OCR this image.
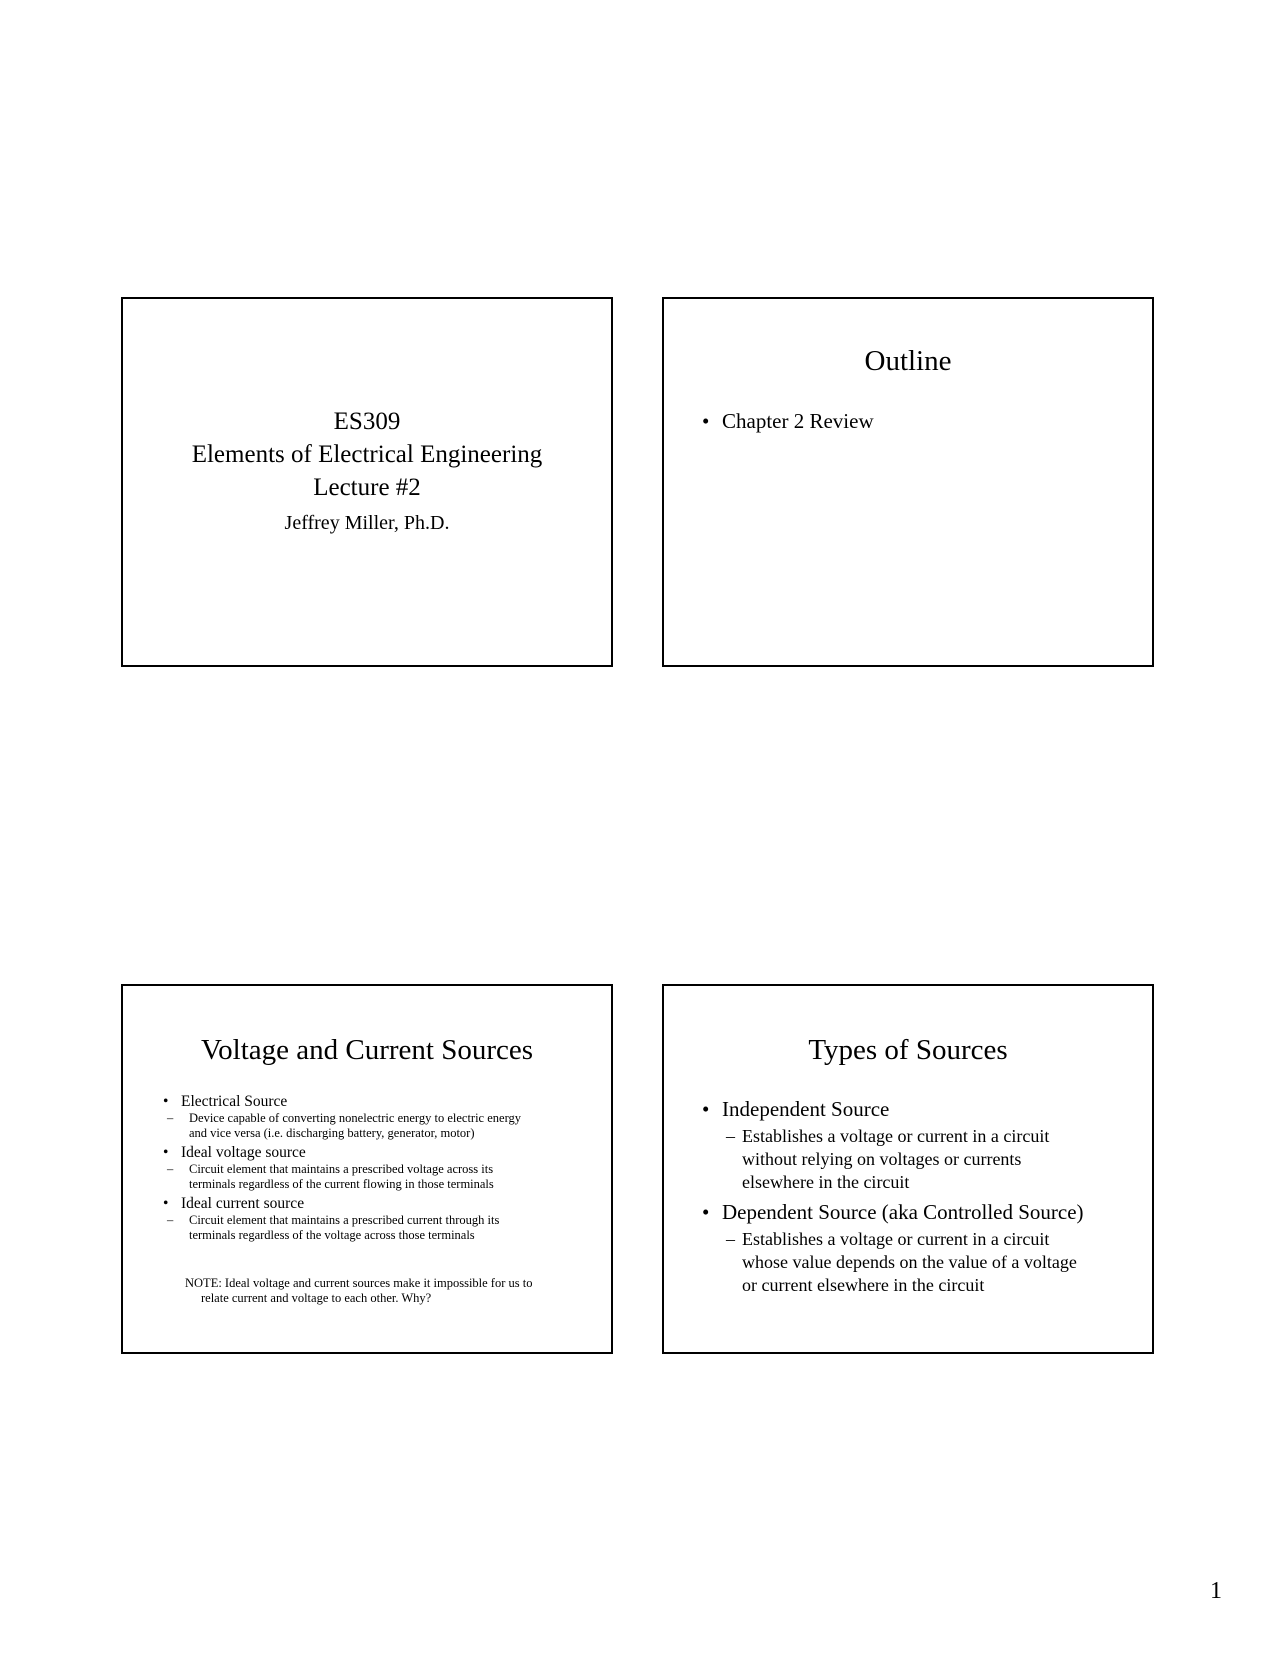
ES309
Elements of Electrical Engineering
Lecture #2
Jeffrey Miller, Ph.D.
Outline
• Chapter 2 Review
Voltage and Current Sources
• Electrical Source
– Device capable of converting nonelectric energy to electric energy
and vice versa (i.e. discharging battery, generator, motor)
• Ideal voltage source
– Circuit element that maintains a prescribed voltage across its
terminals regardless of the current flowing in those terminals
• Ideal current source
– Circuit element that maintains a prescribed current through its
terminals regardless of the voltage across those terminals
NOTE: Ideal voltage and current sources make it impossible for us to
relate current and voltage to each other. Why?
Types of Sources
• Independent Source
– Establishes a voltage or current in a circuit
without relying on voltages or currents
elsewhere in the circuit
• Dependent Source (aka Controlled Source)
– Establishes a voltage or current in a circuit
whose value depends on the value of a voltage
or current elsewhere in the circuit
1
